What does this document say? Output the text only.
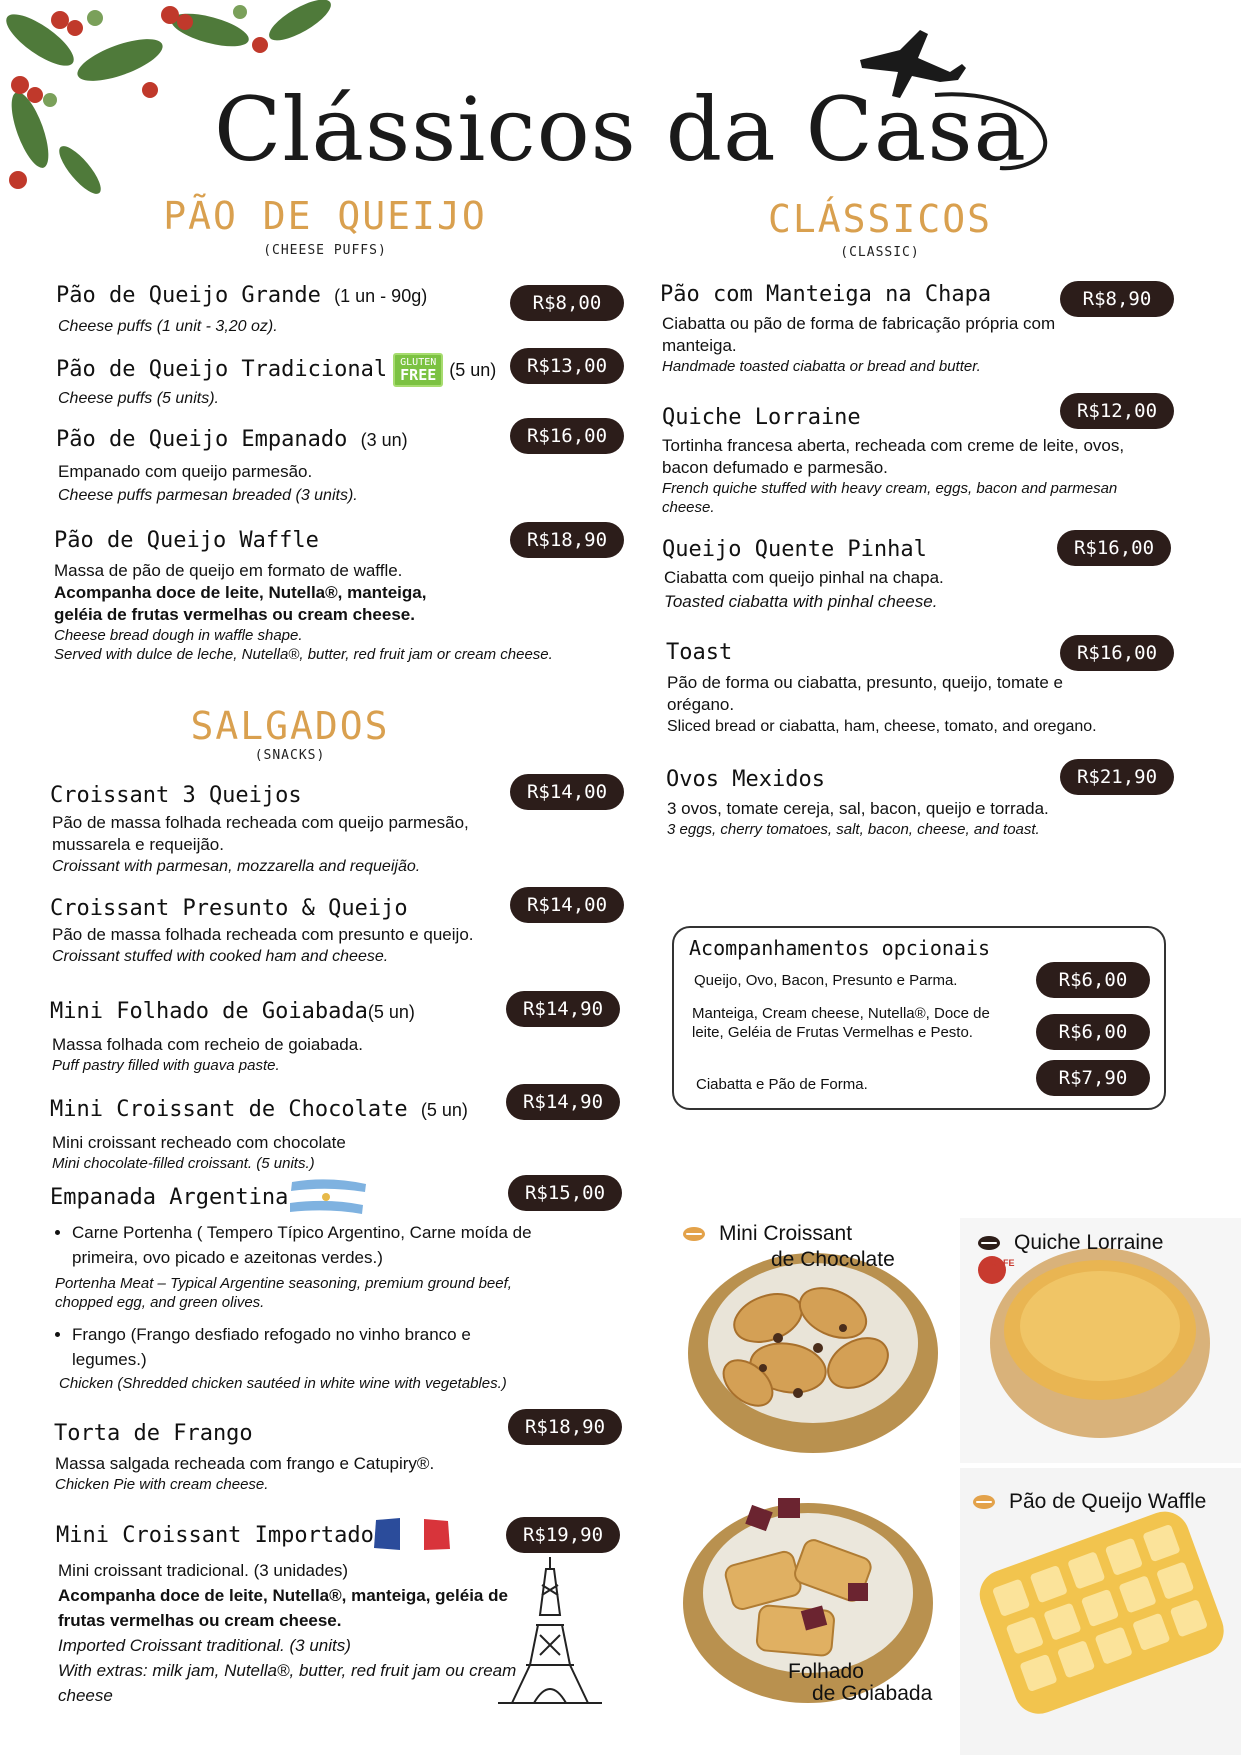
Clássicos da Casa
PÃO DE QUEIJO
(CHEESE PUFFS)
Pão de Queijo Grande (1 un - 90g)	R$8,00
Cheese puffs (1 unit - 3,20 oz).
Pão de Queijo Tradicional GLUTEN
FREE (5 un)	R$13,00
Cheese puffs (5 units).
Pão de Queijo Empanado (3 un)	R$16,00
Empanado com queijo parmesão.
Cheese puffs parmesan breaded (3 units).
Pão de Queijo Waffle	R$18,90
Massa de pão de queijo em formato de waffle.
Acompanha doce de leite, Nutella®, manteiga,
geléia de frutas vermelhas ou cream cheese.
Cheese bread dough in waffle shape.
Served with dulce de leche, Nutella®, butter, red fruit jam or cream cheese.
SALGADOS
(SNACKS)
Croissant 3 Queijos	R$14,00
Pão de massa folhada recheada com queijo parmesão, mussarela e requeijão.
Croissant with parmesan, mozzarella and requeijão.
Croissant Presunto & Queijo	R$14,00
Pão de massa folhada recheada com presunto e queijo.
Croissant stuffed with cooked ham and cheese.
Mini Folhado de Goiabada(5 un)	R$14,90
Massa folhada com recheio de goiabada.
Puff pastry filled with guava paste.
Mini Croissant de Chocolate (5 un)	R$14,90
Mini croissant recheado com chocolate
Mini chocolate-filled croissant. (5 units.)
Empanada Argentina	R$15,00
• Carne Portenha ( Tempero Típico Argentino, Carne moída de primeira, ovo picado e azeitonas verdes.)
Portenha Meat – Typical Argentine seasoning, premium ground beef, chopped egg, and green olives.
• Frango (Frango desfiado refogado no vinho branco e legumes.)
Chicken (Shredded chicken sautéed in white wine with vegetables.)
Torta de Frango	R$18,90
Massa salgada recheada com frango e Catupiry®.
Chicken Pie with cream cheese.
Mini Croissant Importado	R$19,90
Mini croissant tradicional. (3 unidades)
Acompanha doce de leite, Nutella®, manteiga, geléia de frutas vermelhas ou cream cheese.
Imported Croissant traditional. (3 units)
With extras: milk jam, Nutella®, butter, red fruit jam ou cream cheese
CLÁSSICOS
(CLASSIC)
Pão com Manteiga na Chapa	R$8,90
Ciabatta ou pão de forma de fabricação própria com manteiga.
Handmade toasted ciabatta or bread and butter.
Quiche Lorraine	R$12,00
Tortinha francesa aberta, recheada com creme de leite, ovos, bacon defumado e parmesão.
French quiche stuffed with heavy cream, eggs, bacon and parmesan cheese.
Queijo Quente Pinhal	R$16,00
Ciabatta com queijo pinhal na chapa.
Toasted ciabatta with pinhal cheese.
Toast	R$16,00
Pão de forma ou ciabatta, presunto, queijo, tomate e orégano.
Sliced bread or ciabatta, ham, cheese, tomato, and oregano.
Ovos Mexidos	R$21,90
3 ovos, tomate cereja, sal, bacon, queijo e torrada.
3 eggs, cherry tomatoes, salt, bacon, cheese, and toast.
Acompanhamentos opcionais
Queijo, Ovo, Bacon, Presunto e Parma.	R$6,00
Manteiga, Cream cheese, Nutella®, Doce de leite, Geléia de Frutas Vermelhas e Pesto.	R$6,00
Ciabatta e Pão de Forma.	R$7,90
Mini Croissant
de Chocolate	CAFE
Quiche Lorraine
Folhado
de Goiabada
Pão de Queijo Waffle
